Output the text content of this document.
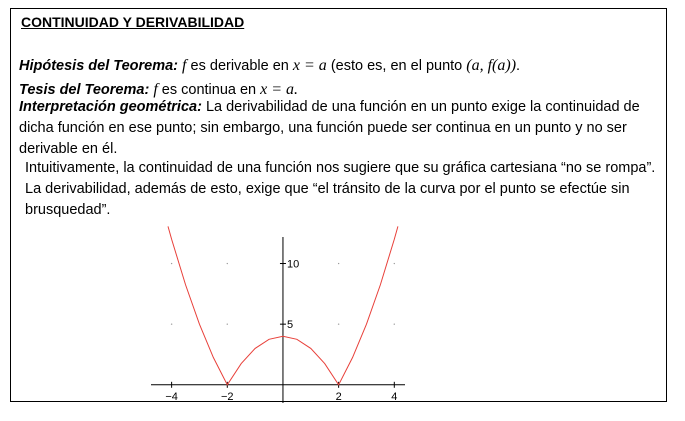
CONTINUIDAD Y DERIVABILIDAD
Hipótesis del Teorema: f es derivable en x = a (esto es, en el punto (a, f(a)).
Tesis del Teorema: f es continua en x = a.
Interpretación geométrica: La derivabilidad de una función en un punto exige la continuidad de dicha función en ese punto; sin embargo, una función puede ser continua en un punto y no ser derivable en él.
Intuitivamente, la continuidad de una función nos sugiere que su gráfica cartesiana “no se rompa”. La derivabilidad, además de esto, exige que “el tránsito de la curva por el punto se efectúe sin brusquedad”.
−4	−2	2	4
5
10
